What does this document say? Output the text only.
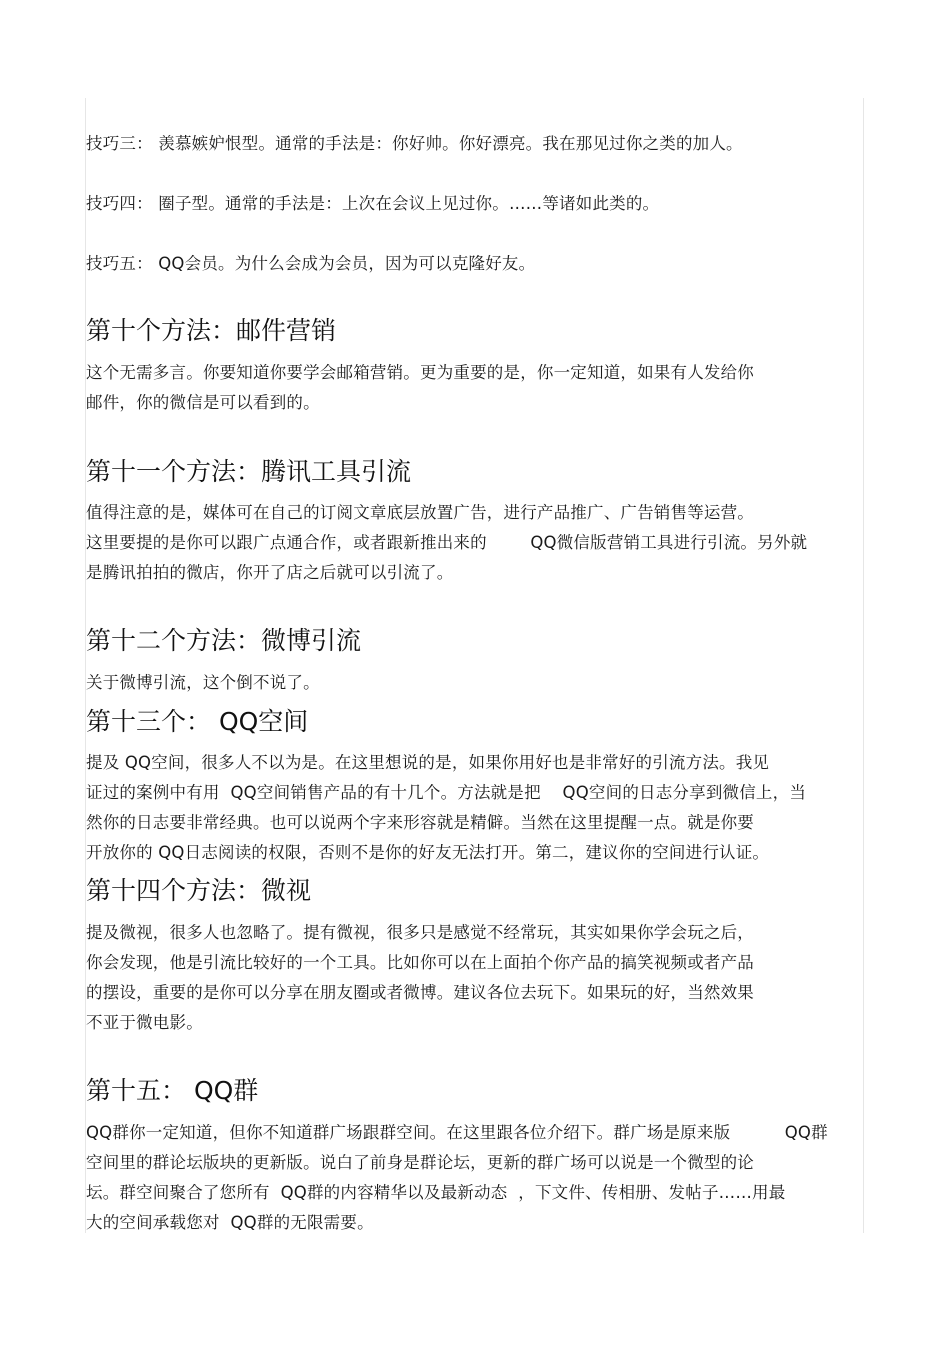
技巧三： 羡慕嫉妒恨型。通常的手法是：你好帅。你好漂亮。我在那见过你之类的加人。

技巧四： 圈子型。通常的手法是：上次在会议上见过你。……等诸如此类的。

技巧五： QQ会员。为什么会成为会员，因为可以克隆好友。

第十个方法：邮件营销
这个无需多言。你要知道你要学会邮箱营销。更为重要的是，你一定知道，如果有人发给你
邮件，你的微信是可以看到的。
第十一个方法：腾讯工具引流
值得注意的是，媒体可在自己的订阅文章底层放置广告，进行产品推广、广告销售等运营。
这里要提的是你可以跟广点通合作，或者跟新推出来的        QQ微信版营销工具进行引流。另外就
是腾讯拍拍的微店，你开了店之后就可以引流了。
第十二个方法：微博引流
关于微博引流，这个倒不说了。
第十三个： QQ空间
提及 QQ空间，很多人不以为是。在这里想说的是，如果你用好也是非常好的引流方法。我见
证过的案例中有用  QQ空间销售产品的有十几个。方法就是把    QQ空间的日志分享到微信上，当
然你的日志要非常经典。也可以说两个字来形容就是精僻。当然在这里提醒一点。就是你要
开放你的 QQ日志阅读的权限，否则不是你的好友无法打开。第二，建议你的空间进行认证。
第十四个方法：微视
提及微视，很多人也忽略了。提有微视，很多只是感觉不经常玩，其实如果你学会玩之后，
你会发现，他是引流比较好的一个工具。比如你可以在上面拍个你产品的搞笑视频或者产品
的摆设，重要的是你可以分享在朋友圈或者微博。建议各位去玩下。如果玩的好，当然效果
不亚于微电影。
第十五： QQ群
QQ群你一定知道，但你不知道群广场跟群空间。在这里跟各位介绍下。群广场是原来版          QQ群
空间里的群论坛版块的更新版。说白了前身是群论坛，更新的群广场可以说是一个微型的论
坛。群空间聚合了您所有  QQ群的内容精华以及最新动态  ，下文件、传相册、发帖子……用最
大的空间承载您对  QQ群的无限需要。
